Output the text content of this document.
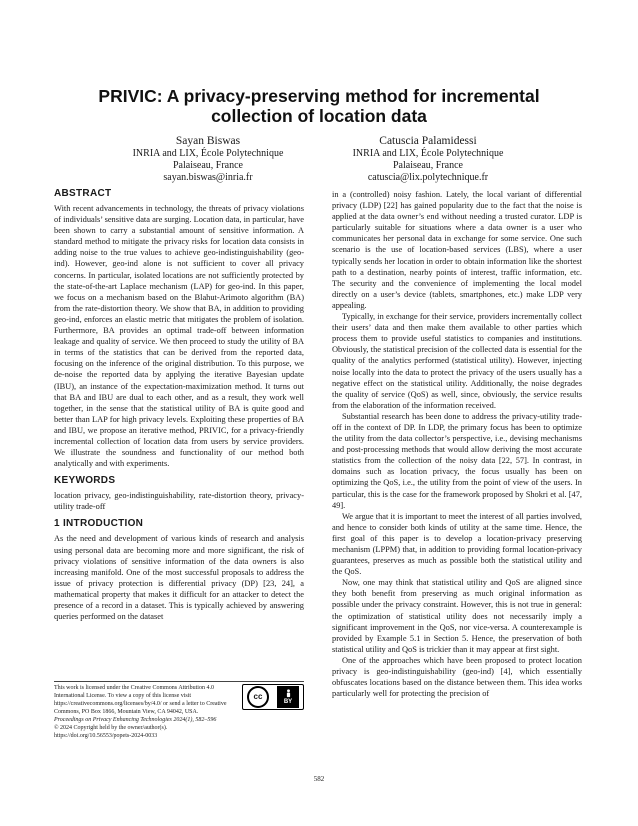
PRIVIC: A privacy-preserving method for incremental collection of location data
Sayan Biswas
INRIA and LIX, École Polytechnique
Palaiseau, France
sayan.biswas@inria.fr
Catuscia Palamidessi
INRIA and LIX, École Polytechnique
Palaiseau, France
catuscia@lix.polytechnique.fr
ABSTRACT

With recent advancements in technology, the threats of privacy violations of individuals’ sensitive data are surging. Location data, in particular, have been shown to carry a substantial amount of sensitive information. A standard method to mitigate the privacy risks for location data consists in adding noise to the true values to achieve geo-indistinguishability (geo-ind). However, geo-ind alone is not sufficient to cover all privacy concerns. In particular, isolated locations are not sufficiently protected by the state-of-the-art Laplace mechanism (LAP) for geo-ind. In this paper, we focus on a mechanism based on the Blahut-Arimoto algorithm (BA) from the rate-distortion theory. We show that BA, in addition to providing geo-ind, enforces an elastic metric that mitigates the problem of isolation. Furthermore, BA provides an optimal trade-off between information leakage and quality of service. We then proceed to study the utility of BA in terms of the statistics that can be derived from the reported data, focusing on the inference of the original distribution. To this purpose, we de-noise the reported data by applying the iterative Bayesian update (IBU), an instance of the expectation-maximization method. It turns out that BA and IBU are dual to each other, and as a result, they work well together, in the sense that the statistical utility of BA is quite good and better than LAP for high privacy levels. Exploiting these properties of BA and IBU, we propose an iterative method, PRIVIC, for a privacy-friendly incremental collection of location data from users by service providers. We illustrate the soundness and functionality of our method both analytically and with experiments.

KEYWORDS

location privacy, geo-indistinguishability, rate-distortion theory, privacy-utility trade-off

1 INTRODUCTION

As the need and development of various kinds of research and analysis using personal data are becoming more and more significant, the risk of privacy violations of sensitive information of the data owners is also increasing manifold. One of the most successful proposals to address the issue of privacy protection is differential privacy (DP) [23, 24], a mathematical property that makes it difficult for an attacker to detect the presence of a record in a dataset. This is typically achieved by answering queries performed on the dataset

in a (controlled) noisy fashion. Lately, the local variant of differential privacy (LDP) [22] has gained popularity due to the fact that the noise is applied at the data owner’s end without needing a trusted curator. LDP is particularly suitable for situations where a data owner is a user who communicates her personal data in exchange for some service. One such scenario is the use of location-based services (LBS), where a user typically sends her location in order to obtain information like the shortest path to a destination, nearby points of interest, traffic information, etc. The security and the convenience of implementing the local model directly on a user’s device (tablets, smartphones, etc.) make LDP very appealing.

Typically, in exchange for their service, providers incrementally collect their users’ data and then make them available to other parties which process them to provide useful statistics to companies and institutions. Obviously, the statistical precision of the collected data is essential for the quality of the analytics performed (statistical utility). However, injecting noise locally into the data to protect the privacy of the users usually has a negative effect on the statistical utility. Additionally, the noise degrades the quality of service (QoS) as well, since, obviously, the service results from the elaboration of the information received.

Substantial research has been done to address the privacy-utility trade-off in the context of DP. In LDP, the primary focus has been to optimize the utility from the data collector’s perspective, i.e., devising mechanisms and post-processing methods that would allow deriving the most accurate statistics from the collection of the noisy data [22, 57]. In contrast, in domains such as location privacy, the focus usually has been on optimizing the QoS, i.e., the utility from the point of view of the users. In particular, this is the case for the framework proposed by Shokri et al. [47, 49].

We argue that it is important to meet the interest of all parties involved, and hence to consider both kinds of utility at the same time. Hence, the first goal of this paper is to develop a location-privacy preserving mechanism (LPPM) that, in addition to providing formal location-privacy guarantees, preserves as much as possible both the statistical utility and the QoS.

Now, one may think that statistical utility and QoS are aligned since they both benefit from preserving as much original information as possible under the privacy constraint. However, this is not true in general: the optimization of statistical utility does not necessarily imply a significant improvement in the QoS, nor vice-versa. A counterexample is provided by Example 5.1 in Section 5. Hence, the preservation of both statistical utility and QoS is trickier than it may appear at first sight.

One of the approaches which have been proposed to protect location privacy is geo-indistinguishability (geo-ind) [4], which essentially obfuscates locations based on the distance between them. This idea works particularly well for protecting the precision of

This work is licensed under the Creative Commons Attribution 4.0 International License. To view a copy of this license visit https://creativecommons.org/licenses/by/4.0/ or send a letter to Creative Commons, PO Box 1866, Mountain View, CA 94042, USA.
Proceedings on Privacy Enhancing Technologies 2024(1), 582–596
© 2024 Copyright held by the owner/author(s).
https://doi.org/10.56553/popets-2024-0033
cc
BY
582
